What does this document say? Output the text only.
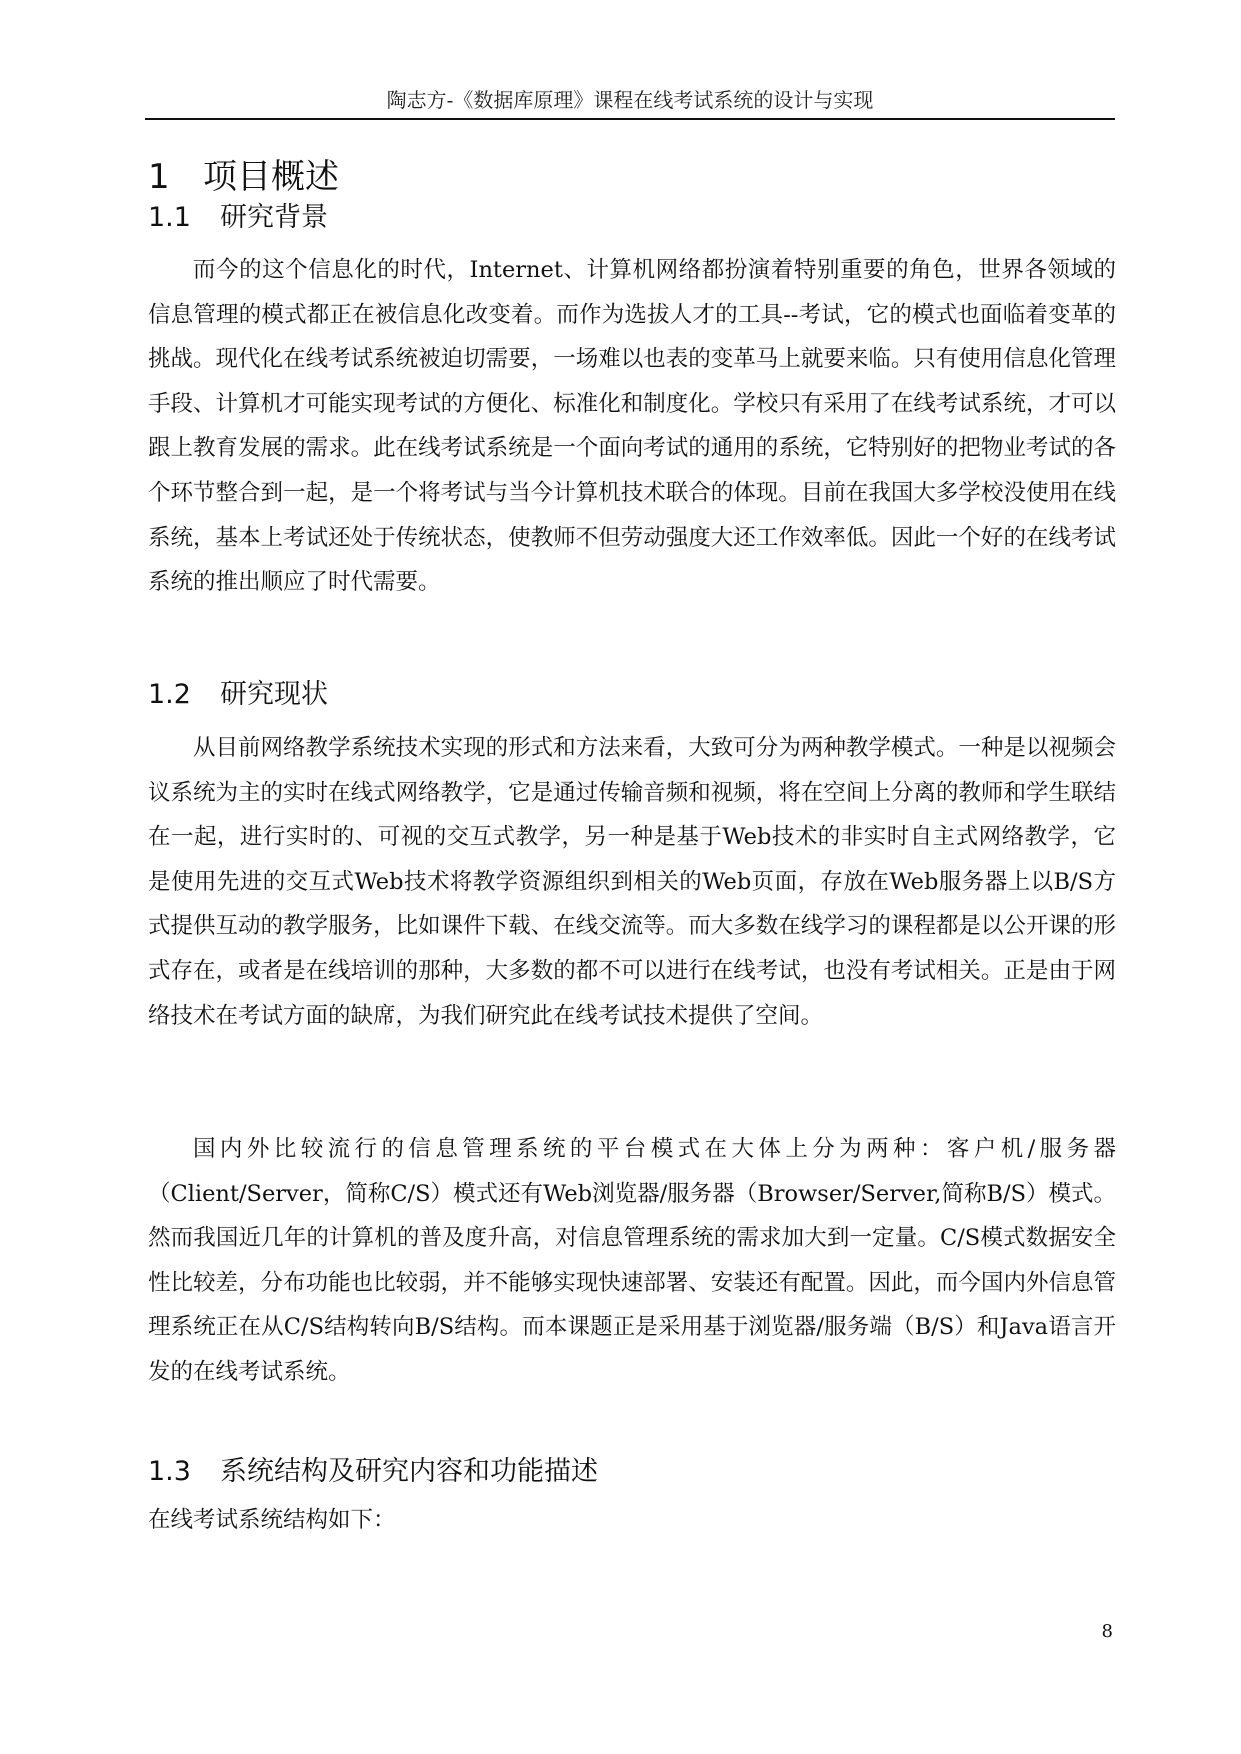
陶志方-《数据库原理》课程在线考试系统的设计与实现
1 项目概述
1.1 研究背景

而今的这个信息化的时代，Internet、计算机网络都扮演着特别重要的角色，世界各领域的信息管理的模式都正在被信息化改变着。而作为选拔人才的工具--考试，它的模式也面临着变革的挑战。现代化在线考试系统被迫切需要，一场难以也表的变革马上就要来临。只有使用信息化管理手段、计算机才可能实现考试的方便化、标准化和制度化。学校只有采用了在线考试系统，才可以跟上教育发展的需求。此在线考试系统是一个面向考试的通用的系统，它特别好的把物业考试的各个环节整合到一起，是一个将考试与当今计算机技术联合的体现。目前在我国大多学校没使用在线系统，基本上考试还处于传统状态，使教师不但劳动强度大还工作效率低。因此一个好的在线考试系统的推出顺应了时代需要。

1.2 研究现状

从目前网络教学系统技术实现的形式和方法来看，大致可分为两种教学模式。一种是以视频会议系统为主的实时在线式网络教学，它是通过传输音频和视频，将在空间上分离的教师和学生联结在一起，进行实时的、可视的交互式教学，另一种是基于Web技术的非实时自主式网络教学，它是使用先进的交互式Web技术将教学资源组织到相关的Web页面，存放在Web服务器上以B/S方式提供互动的教学服务，比如课件下载、在线交流等。而大多数在线学习的课程都是以公开课的形式存在，或者是在线培训的那种，大多数的都不可以进行在线考试，也没有考试相关。正是由于网络技术在考试方面的缺席，为我们研究此在线考试技术提供了空间。

国内外比较流行的信息管理系统的平台模式在大体上分为两种：客户机/服务器（Client/Server，简称C/S）模式还有Web浏览器/服务器（Browser/Server,简称B/S）模式。然而我国近几年的计算机的普及度升高，对信息管理系统的需求加大到一定量。C/S模式数据安全性比较差，分布功能也比较弱，并不能够实现快速部署、安装还有配置。因此，而今国内外信息管理系统正在从C/S结构转向B/S结构。而本课题正是采用基于浏览器/服务端（B/S）和Java语言开发的在线考试系统。

1.3 系统结构及研究内容和功能描述

在线考试系统结构如下：

8
